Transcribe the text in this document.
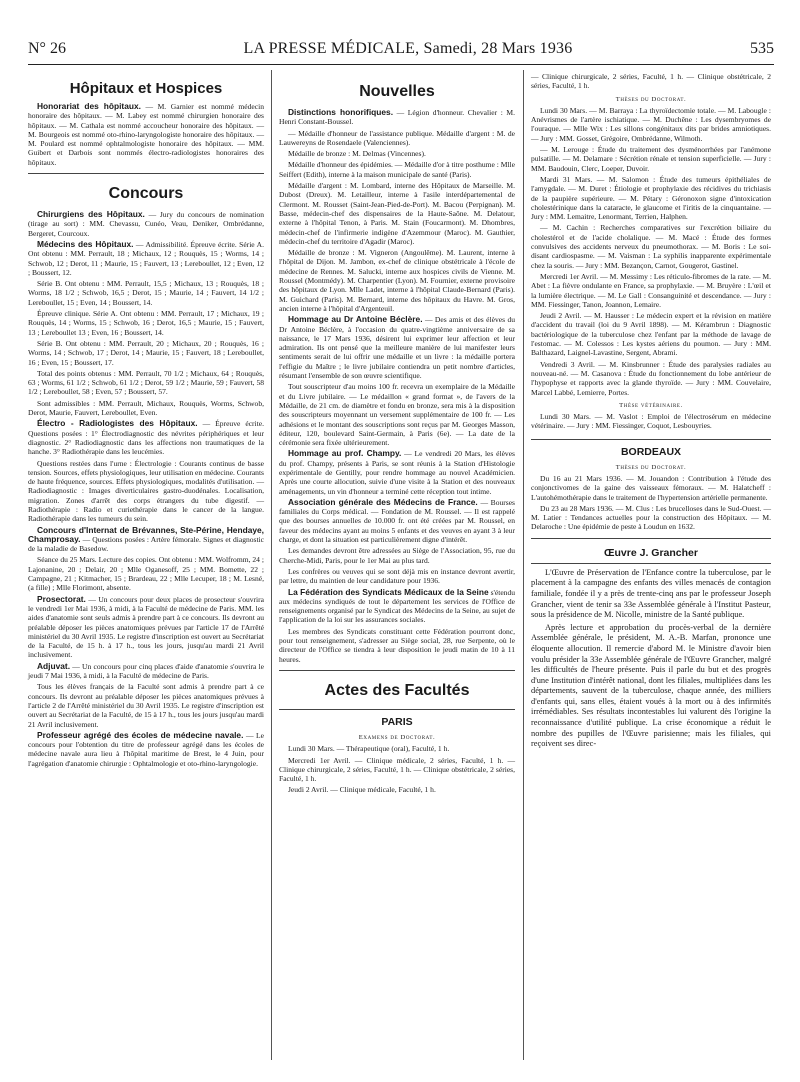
N° 26	LA PRESSE MÉDICALE, Samedi, 28 Mars 1936	535
Hôpitaux et Hospices

Honorariat des hôpitaux. — M. Garnier est nommé médecin honoraire des hôpitaux. — M. Labey est nommé chirurgien honoraire des hôpitaux. — M. Cathala est nommé accoucheur honoraire des hôpitaux. — M. Bourgeois est nommé oto-rhino-laryngologiste honoraire des hôpitaux. — M. Poulard est nommé ophtalmologiste honoraire des hôpitaux. — MM. Guibert et Darbois sont nommés électro-radiologistes honoraires des hôpitaux.

Concours

Chirurgiens des Hôpitaux. — Jury du concours de nomination (tirage au sort) : MM. Chevassu, Cunéo, Veau, Deniker, Ombrédanne, Bergeret, Courcoux.

Médecins des Hôpitaux. — Admissibilité. Épreuve écrite. Série A. Ont obtenu : MM. Perrault, 18 ; Michaux, 12 ; Rouquès, 15 ; Worms, 14 ; Schwob, 12 ; Derot, 11 ; Maurie, 15 ; Fauvert, 13 ; Lereboullet, 12 ; Even, 12 ; Boussert, 12.

Série B. Ont obtenu : MM. Perrault, 15,5 ; Michaux, 13 ; Rouquès, 18 ; Worms, 18 1/2 ; Schwob, 16,5 ; Derot, 15 ; Maurie, 14 ; Fauvert, 14 1/2 ; Lereboullet, 15 ; Even, 14 ; Boussert, 14.

Épreuve clinique. Série A. Ont obtenu : MM. Perrault, 17 ; Michaux, 19 ; Rouquès, 14 ; Worms, 15 ; Schwob, 16 ; Derot, 16,5 ; Maurie, 15 ; Fauvert, 13 ; Lereboullet 13 ; Even, 16 ; Boussert, 14.

Série B. Ont obtenu : MM. Perrault, 20 ; Michaux, 20 ; Rouquès, 16 ; Worms, 14 ; Schwob, 17 ; Derot, 14 ; Maurie, 15 ; Fauvert, 18 ; Lereboullet, 16 ; Even, 15 ; Boussert, 17.

Total des points obtenus : MM. Perrault, 70 1/2 ; Michaux, 64 ; Rouquès, 63 ; Worms, 61 1/2 ; Schwob, 61 1/2 ; Derot, 59 1/2 ; Maurie, 59 ; Fauvert, 58 1/2 ; Lereboullet, 58 ; Even, 57 ; Boussert, 57.

Sont admissibles : MM. Perrault, Michaux, Rouquès, Worms, Schwob, Derot, Maurie, Fauvert, Lereboullet, Even.

Électro - Radiologistes des Hôpitaux. — Épreuve écrite. Questions posées : 1° Électrodiagnostic des névrites périphériques et leur diagnostic. 2° Radiodiagnostic dans les affections non traumatiques de la hanche. 3° Radiothérapie dans les leucémies.

Questions restées dans l'urne : Électrologie : Courants continus de basse tension. Sources, effets physiologiques, leur utilisation en médecine. Courants de haute fréquence, sources. Effets physiologiques, modalités d'utilisation. — Radiodiagnostic : Images diverticulaires gastro-duodénales. Localisation, migration. Zones d'arrêt des corps étrangers du tube digestif. — Radiothérapie : Radio et curiethérapie dans le cancer de la langue. Radiothérapie dans les tumeurs du sein.

Concours d'Internat de Brévannes, Ste-Périne, Hendaye, Champrosay. — Questions posées : Artère fémorale. Signes et diagnostic de la maladie de Basedow.

Séance du 25 Mars. Lecture des copies. Ont obtenu : MM. Wolfromm, 24 ; Lajonanine, 20 ; Delair, 20 ; Mlle Oganesoff, 25 ; MM. Bomette, 22 ; Campagne, 21 ; Kitmacher, 15 ; Brardeau, 22 ; Mlle Lecuper, 18 ; M. Lesné, (a fille) ; Mlle Florimont, absente.

Prosectorat. — Un concours pour deux places de prosecteur s'ouvrira le vendredi 1er Mai 1936, à midi, à la Faculté de médecine de Paris. MM. les aides d'anatomie sont seuls admis à prendre part à ce concours. Ils devront au préalable déposer les pièces anatomiques prévues par l'article 17 de l'Arrêté ministériel du 30 Avril 1935. Le registre d'inscription est ouvert au Secrétariat de la Faculté, de 15 h. à 17 h., tous les jours, jusqu'au mardi 21 Avril inclusivement.

Adjuvat. — Un concours pour cinq places d'aide d'anatomie s'ouvrira le jeudi 7 Mai 1936, à midi, à la Faculté de médecine de Paris.

Tous les élèves français de la Faculté sont admis à prendre part à ce concours. Ils devront au préalable déposer les pièces anatomiques prévues à l'article 2 de l'Arrêté ministériel du 30 Avril 1935. Le registre d'inscription est ouvert au Secrétariat de la Faculté, de 15 à 17 h., tous les jours jusqu'au mardi 21 Avril inclusivement.

Professeur agrégé des écoles de médecine navale. — Le concours pour l'obtention du titre de professeur agrégé dans les écoles de médecine navale aura lieu à l'hôpital maritime de Brest, le 4 Juin, pour l'agrégation d'anatomie chirurgie : Ophtalmologie et oto-rhino-laryngologie.

Nouvelles

Distinctions honorifiques. — Légion d'honneur. Chevalier : M. Henri Constant-Boussel.

— Médaille d'honneur de l'assistance publique. Médaille d'argent : M. de Lauwereyns de Rosendaele (Valenciennes).

Médaille de bronze : M. Delmas (Vincennes).

Médaille d'honneur des épidémies. — Médaille d'or à titre posthume : Mlle Seiffert (Edith), interne à la maison municipale de santé (Paris).

Médaille d'argent : M. Lombard, interne des Hôpitaux de Marseille. M. Dubost (Dreux). M. Letailleur, interne à l'asile interdépartemental de Clermont. M. Rousset (Saint-Jean-Pied-de-Port). M. Bacou (Perpignan). M. Basse, médecin-chef des dispensaires de la Haute-Saône. M. Delatour, externe à l'hôpital Tenon, à Paris. M. Stain (Foucarmont). M. Dhombres, médecin-chef de l'infirmerie indigène d'Azemmour (Maroc). M. Gauthier, médecin-chef du territoire d'Agadir (Maroc).

Médaille de bronze : M. Vigneron (Angoulême). M. Laurent, interne à l'hôpital de Dijon. M. Jambon, ex-chef de clinique obstétricale à l'école de médecine de Rennes. M. Salucki, interne aux hospices civils de Vienne. M. Roussel (Montmédy). M. Charpentier (Lyon). M. Fournier, externe provisoire des hôpitaux de Lyon. Mlle Ladet, interne à l'hôpital Claude-Bernard (Paris). M. Guichard (Paris). M. Bernard, interne des hôpitaux du Havre. M. Gros, ancien interne à l'hôpital d'Argenteuil.

Hommage au Dr Antoine Béclère. — Des amis et des élèves du Dr Antoine Béclère, à l'occasion du quatre-vingtième anniversaire de sa naissance, le 17 Mars 1936, désirent lui exprimer leur affection et leur admiration. Ils ont pensé que la meilleure manière de lui manifester leurs sentiments serait de lui offrir une médaille et un livre : la médaille portera l'effigie du Maître ; le livre jubilaire contiendra un petit nombre d'articles, résumant l'ensemble de son œuvre scientifique.

Tout souscripteur d'au moins 100 fr. recevra un exemplaire de la Médaille et du Livre jubilaire. — Le médaillon « grand format », de l'avers de la Médaille, de 21 cm. de diamètre et fondu en bronze, sera mis à la disposition des souscripteurs moyennant un versement supplémentaire de 100 fr. — Les adhésions et le montant des souscriptions sont reçus par M. Georges Masson, éditeur, 120, boulevard Saint-Germain, à Paris (6e). — La date de la cérémonie sera fixée ultérieurement.

Hommage au prof. Champy. — Le vendredi 20 Mars, les élèves du prof. Champy, présents à Paris, se sont réunis à la Station d'Histologie expérimentale de Gentilly, pour rendre hommage au nouvel Académicien. Après une courte allocution, suivie d'une visite à la Station et des nouveaux aménagements, un vin d'honneur a terminé cette réception tout intime.

Association générale des Médecins de France. — Bourses familiales du Corps médical. — Fondation de M. Roussel. — Il est rappelé que des bourses annuelles de 10.000 fr. ont été créées par M. Roussel, en faveur des médecins ayant au moins 5 enfants et des veuves en ayant 3 à leur charge, et dont la situation est particulièrement digne d'intérêt.

Les demandes devront être adressées au Siège de l'Association, 95, rue du Cherche-Midi, Paris, pour le 1er Mai au plus tard.

Les confrères ou veuves qui se sont déjà mis en instance devront avertir, par lettre, du maintien de leur candidature pour 1936.

La Fédération des Syndicats Médicaux de la Seine s'étendu aux médecins syndiqués de tout le département les services de l'Office de renseignements organisé par le Syndicat des Médecins de la Seine, au sujet de l'application de la loi sur les assurances sociales.

Les membres des Syndicats constituant cette Fédération pourront donc, pour tout renseignement, s'adresser au Siège social, 28, rue Serpente, où le directeur de l'Office se tiendra à leur disposition le jeudi matin de 10 à 11 heures.

Actes des Facultés
PARIS

Examens de Doctorat.

Lundi 30 Mars. — Thérapeutique (oral), Faculté, 1 h.

Mercredi 1er Avril. — Clinique médicale, 2 séries, Faculté, 1 h. — Clinique chirurgicale, 2 séries, Faculté, 1 h. — Clinique obstétricale, 2 séries, Faculté, 1 h.

Jeudi 2 Avril. — Clinique médicale, Faculté, 1 h.

— Clinique chirurgicale, 2 séries, Faculté, 1 h. — Clinique obstétricale, 2 séries, Faculté, 1 h.

Thèses du Doctorat.

Lundi 30 Mars. — M. Barraya : La thyroïdectomie totale. — M. Labougle : Anévrismes de l'artère ischiatique. — M. Duchêne : Les dysembryomes de l'ouraque. — Mlle Wix : Les sillons congénitaux dits par brides amniotiques. — Jury : MM. Gosset, Grégoire, Ombrédanne, Wilmoth.

— M. Lerouge : Étude du traitement des dysménorrhées par l'anémone pulsatille. — M. Delamare : Sécrétion rénale et tension superficielle. — Jury : MM. Baudouin, Clerc, Loeper, Duvoir.

Mardi 31 Mars. — M. Salomon : Étude des tumeurs épithéliales de l'amygdale. — M. Duret : Étiologie et prophylaxie des récidives du trichiasis de la paupière supérieure. — M. Pétary : Géronoxon signe d'intoxication cholestérinique dans la cataracte, le glaucome et l'iritis de la cinquantaine. — Jury : MM. Lemaitre, Lenormant, Terrien, Halphen.

— M. Cachin : Recherches comparatives sur l'excrétion biliaire du cholestérol et de l'acide cholalique. — M. Macé : Étude des formes convulsives des accidents nerveux du pneumothorax. — M. Boris : Le soi-disant cardiospasme. — M. Vaisman : La syphilis inapparente expérimentale chez la souris. — Jury : MM. Bezançon, Carnot, Gougerot, Gastinel.

Mercredi 1er Avril. — M. Messimy : Les réticulo-fibromes de la rate. — M. Abet : La fièvre ondulante en France, sa prophylaxie. — M. Bruyère : L'œil et la lumière électrique. — M. Le Gall : Consanguinité et descendance. — Jury : MM. Fiessinger, Tanon, Joannon, Lemaire.

Jeudi 2 Avril. — M. Hausser : Le médecin expert et la révision en matière d'accident du travail (loi du 9 Avril 1898). — M. Kérambrun : Diagnostic bactériologique de la tuberculose chez l'enfant par la méthode de lavage de l'estomac. — M. Colessos : Les kystes aériens du poumon. — Jury : MM. Balthazard, Laignel-Lavastine, Sergent, Abrami.

Vendredi 3 Avril. — M. Kinsbrunner : Étude des paralysies radiales au nouveau-né. — M. Casanova : Étude du fonctionnement du lobe antérieur de l'hypophyse et rapports avec la glande thyroïde. — Jury : MM. Couvelaire, Marcel Labbé, Lemierre, Portes.

Thèse vétérinaire.

Lundi 30 Mars. — M. Vaslot : Emploi de l'électrosérum en médecine vétérinaire. — Jury : MM. Fiessinger, Coquot, Lesbouyries.

BORDEAUX

Thèses du Doctorat.

Du 16 au 21 Mars 1936. — M. Jouandon : Contribution à l'étude des conjonctivomes de la gaine des vaisseaux fémoraux. — M. Halatcheff : L'autohémothérapie dans le traitement de l'hypertension artérielle permanente.

Du 23 au 28 Mars 1936. — M. Clus : Les brucelloses dans le Sud-Ouest. — M. Latier : Tendances actuelles pour la construction des Hôpitaux. — M. Delaroche : Une épidémie de peste à Loudun en 1632.

Œuvre J. Grancher

L'Œuvre de Préservation de l'Enfance contre la tuberculose, par le placement à la campagne des enfants des villes menacés de contagion familiale, fondée il y a près de trente-cinq ans par le professeur Joseph Grancher, vient de tenir sa 33e Assemblée générale à l'Institut Pasteur, sous la présidence de M. Nicolle, ministre de la Santé publique.

Après lecture et approbation du procès-verbal de la dernière Assemblée générale, le président, M. A.-B. Marfan, prononce une éloquente allocution. Il remercie d'abord M. le Ministre d'avoir bien voulu présider la 33e Assemblée générale de l'Œuvre Grancher, malgré les difficultés de l'heure présente. Puis il parle du but et des progrès d'une Institution d'intérêt national, dont les filiales, multipliées dans les départements, sauvent de la tuberculose, chaque année, des milliers d'enfants qui, sans elles, étaient voués à la mort ou à des infirmités irrémédiables. Ses résultats incontestables lui valurent dès l'origine la reconnaissance d'utilité publique. La crise économique a réduit le nombre des pupilles de l'Œuvre parisienne; mais les filiales, qui reçoivent ses direc-
